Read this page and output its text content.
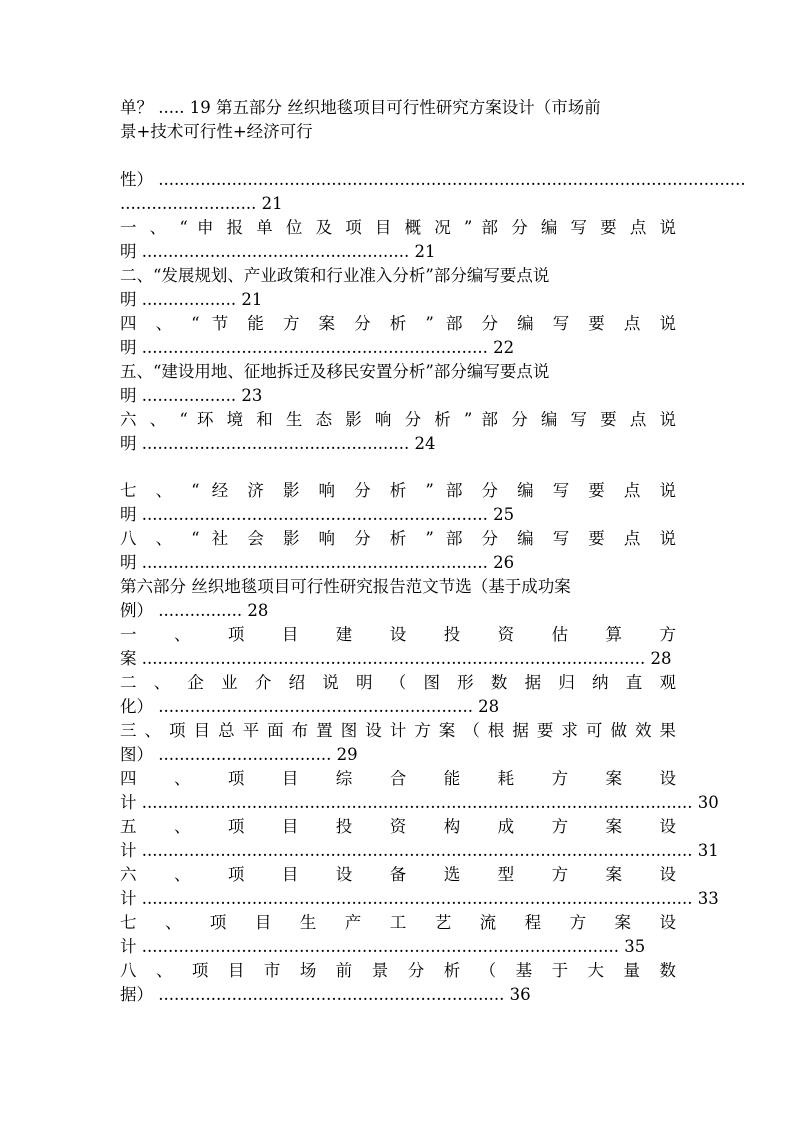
单？ ..... 19 第五部分 丝织地毯项目可行性研究方案设计（市场前
景+技术可行性+经济可行
性） ................................................................................................................
.......................... 21
一 、 “ 申 报 单 位 及 项 目 概 况 ” 部 分 编 写 要 点 说
明 ................................................... 21
二、“发展规划、产业政策和行业准入分析”部分编写要点说
明 .................. 21
四 、 “ 节 能 方 案 分 析 ” 部 分 编 写 要 点 说
明 .................................................................. 22
五、“建设用地、征地拆迁及移民安置分析”部分编写要点说
明 .................. 23
六 、 “ 环 境 和 生 态 影 响 分 析 ” 部 分 编 写 要 点 说
明 ................................................... 24
七 、 “ 经 济 影 响 分 析 ” 部 分 编 写 要 点 说
明 .................................................................. 25
八 、 “ 社 会 影 响 分 析 ” 部 分 编 写 要 点 说
明 .................................................................. 26
第六部分 丝织地毯项目可行性研究报告范文节选（基于成功案
例） ................ 28
一 、 项 目 建 设 投 资 估 算 方
案 ................................................................................................ 28
二 、 企 业 介 绍 说 明 （ 图 形 数 据 归 纳 直 观
化） ............................................................ 28
三、项目总平面布置图设计方案（根据要求可做效果
图） ................................. 29
四 、 项 目 综 合 能 耗 方 案 设
计 ......................................................................................................... 30
五 、 项 目 投 资 构 成 方 案 设
计 ......................................................................................................... 31
六 、 项 目 设 备 选 型 方 案 设
计 ......................................................................................................... 33
七 、 项 目 生 产 工 艺 流 程 方 案 设
计 ........................................................................................... 35
八 、 项 目 市 场 前 景 分 析 （ 基 于 大 量 数
据） .................................................................. 36
